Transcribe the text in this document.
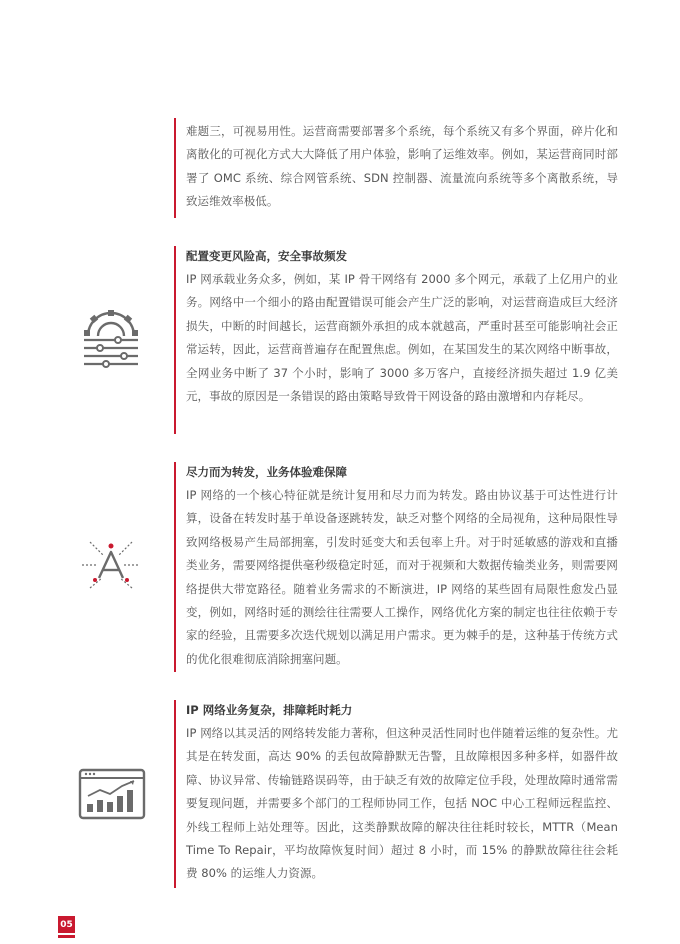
难题三，可视易用性。运营商需要部署多个系统，每个系统又有多个界面，碎片化和离散化的可视化方式大大降低了用户体验，影响了运维效率。例如，某运营商同时部署了 OMC 系统、综合网管系统、SDN 控制器、流量流向系统等多个离散系统，导致运维效率极低。

配置变更风险高，安全事故频发

IP 网承载业务众多，例如，某 IP 骨干网络有 2000 多个网元，承载了上亿用户的业务。网络中一个细小的路由配置错误可能会产生广泛的影响，对运营商造成巨大经济损失，中断的时间越长，运营商额外承担的成本就越高，严重时甚至可能影响社会正常运转，因此，运营商普遍存在配置焦虑。例如，在某国发生的某次网络中断事故，全网业务中断了 37 个小时，影响了 3000 多万客户，直接经济损失超过 1.9 亿美元，事故的原因是一条错误的路由策略导致骨干网设备的路由激增和内存耗尽。

尽力而为转发，业务体验难保障

IP 网络的一个核心特征就是统计复用和尽力而为转发。路由协议基于可达性进行计算，设备在转发时基于单设备逐跳转发，缺乏对整个网络的全局视角，这种局限性导致网络极易产生局部拥塞，引发时延变大和丢包率上升。对于时延敏感的游戏和直播类业务，需要网络提供毫秒级稳定时延，而对于视频和大数据传输类业务，则需要网络提供大带宽路径。随着业务需求的不断演进，IP 网络的某些固有局限性愈发凸显变，例如，网络时延的测绘往往需要人工操作，网络优化方案的制定也往往依赖于专家的经验，且需要多次迭代规划以满足用户需求。更为棘手的是，这种基于传统方式的优化很难彻底消除拥塞问题。

IP 网络业务复杂，排障耗时耗力

IP 网络以其灵活的网络转发能力著称，但这种灵活性同时也伴随着运维的复杂性。尤其是在转发面，高达 90% 的丢包故障静默无告警，且故障根因多种多样，如器件故障、协议异常、传输链路误码等，由于缺乏有效的故障定位手段，处理故障时通常需要复现问题，并需要多个部门的工程师协同工作，包括 NOC 中心工程师远程监控、外线工程师上站处理等。因此，这类静默故障的解决往往耗时较长，MTTR（Mean Time To Repair，平均故障恢复时间）超过 8 小时，而 15% 的静默故障往往会耗费 80% 的运维人力资源。

05
